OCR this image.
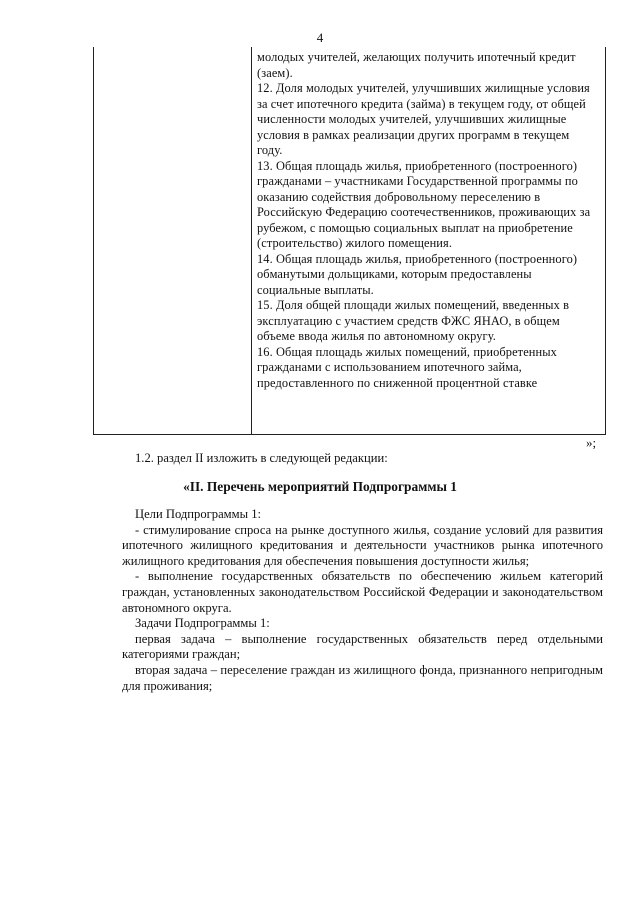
4

молодых учителей, желающих получить ипотечный кредит (заем).

12. Доля молодых учителей, улучшивших жилищные условия за счет ипотечного кредита (займа) в текущем году, от общей численности молодых учителей, улучшивших жилищные условия в рамках реализации других программ в текущем году.

13. Общая площадь жилья, приобретенного (построенного) гражданами – участниками Государственной программы по оказанию содействия добровольному переселению в Российскую Федерацию соотечественников, проживающих за рубежом, с помощью социальных выплат на приобретение (строительство) жилого помещения.

14. Общая площадь жилья, приобретенного (построенного) обманутыми дольщиками, которым предоставлены социальные выплаты.

15. Доля общей площади жилых помещений, введенных в эксплуатацию с участием средств ФЖС ЯНАО, в общем объеме ввода жилья по автономному округу.

16. Общая площадь жилых помещений, приобретенных гражданами с использованием ипотечного займа, предоставленного по сниженной процентной ставке

»;
1.2. раздел II изложить в следующей редакции:
«II. Перечень мероприятий Подпрограммы 1

Цели Подпрограммы 1:

- стимулирование спроса на рынке доступного жилья, создание условий для развития ипотечного жилищного кредитования и деятельности участников рынка ипотечного жилищного кредитования для обеспечения повышения доступности жилья;

- выполнение государственных обязательств по обеспечению жильем категорий граждан, установленных законодательством Российской Федерации и законодательством автономного округа.

Задачи Подпрограммы 1:

первая задача – выполнение государственных обязательств перед отдельными категориями граждан;

вторая задача – переселение граждан из жилищного фонда, признанного непригодным для проживания;
